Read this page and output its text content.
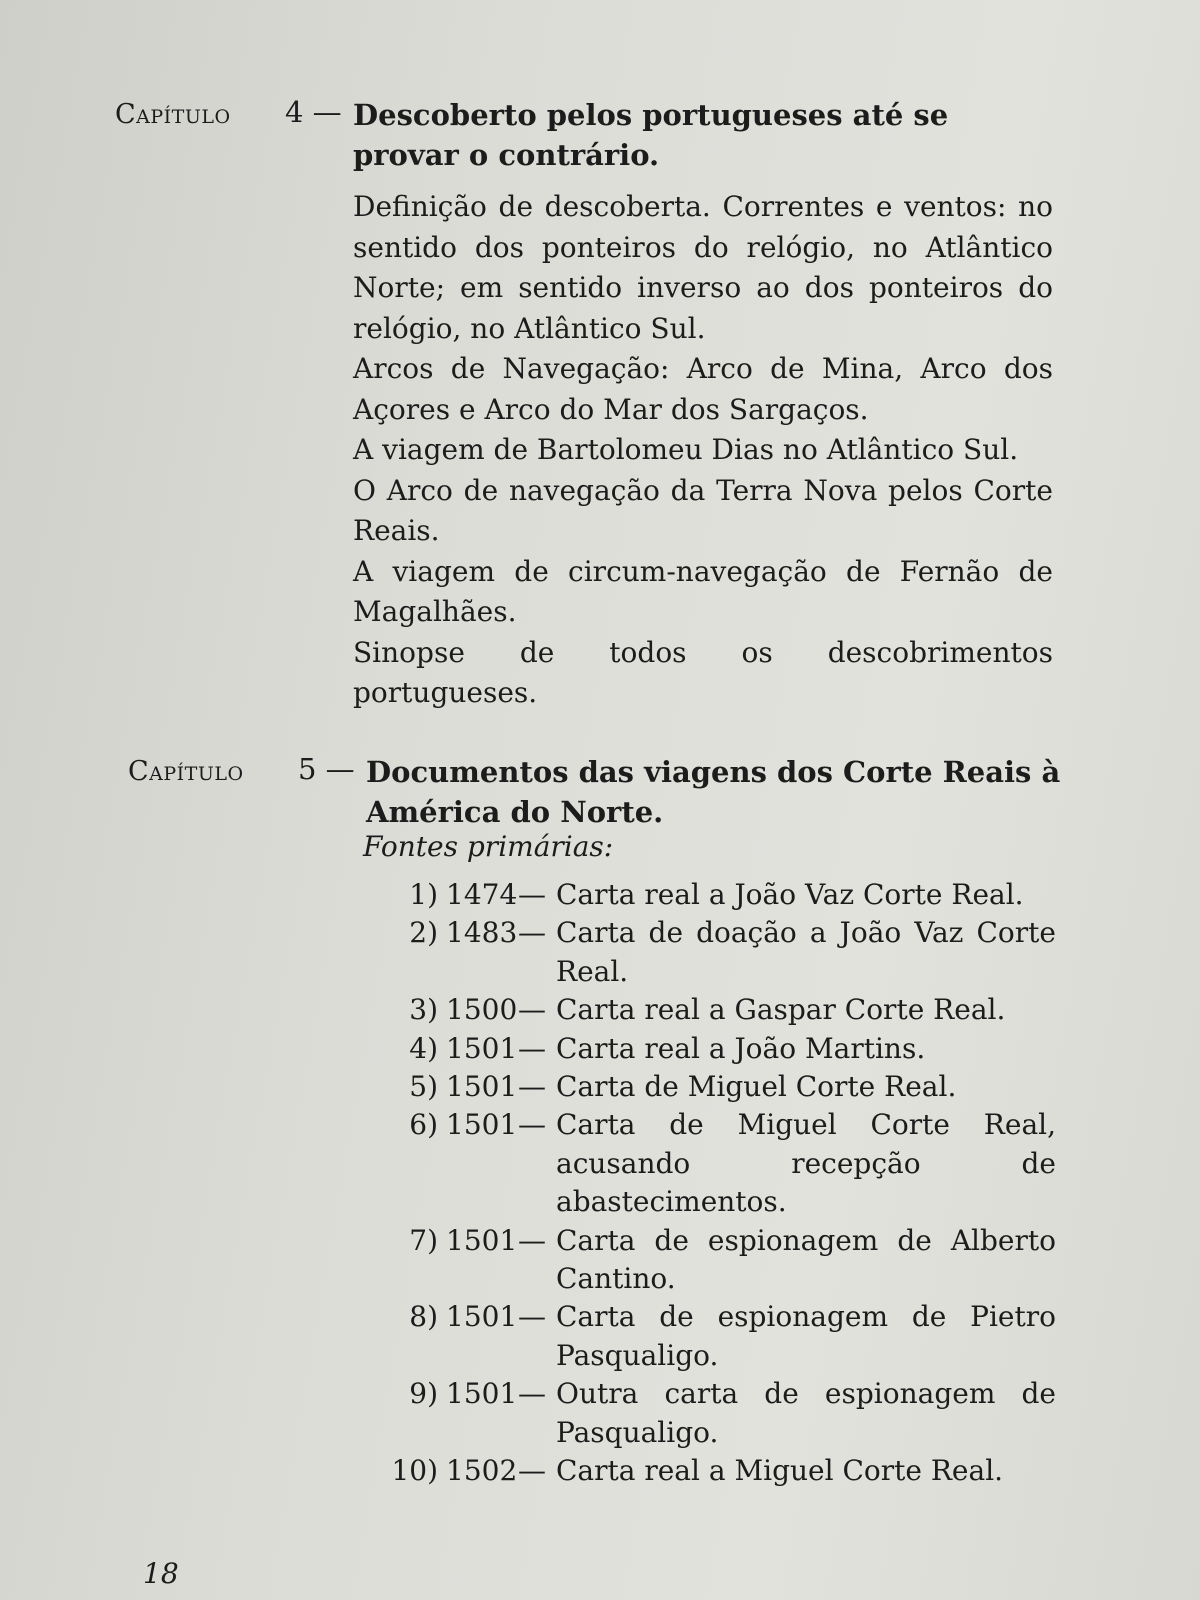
Capítulo 4 — Descoberto pelos portugueses até se provar o contrário.

Definição de descoberta. Correntes e ventos: no sentido dos ponteiros do relógio, no Atlântico Norte; em sentido inverso ao dos ponteiros do relógio, no Atlântico Sul.

Arcos de Navegação: Arco de Mina, Arco dos Açores e Arco do Mar dos Sargaços.

A viagem de Bartolomeu Dias no Atlântico Sul.

O Arco de navegação da Terra Nova pelos Corte Reais.

A viagem de circum-navegação de Fernão de Magalhães.

Sinopse de todos os descobrimentos portugueses.

Capítulo 5 — Documentos das viagens dos Corte Reais à América do Norte.
Fontes primárias:
1) 1474 — Carta real a João Vaz Corte Real.
2) 1483 — Carta de doação a João Vaz Corte Real.
3) 1500 — Carta real a Gaspar Corte Real.
4) 1501 — Carta real a João Martins.
5) 1501 — Carta de Miguel Corte Real.
6) 1501 — Carta de Miguel Corte Real, acusando recepção de abastecimentos.
7) 1501 — Carta de espionagem de Alberto Cantino.
8) 1501 — Carta de espionagem de Pietro Pasqualigo.
9) 1501 — Outra carta de espionagem de Pasqualigo.
10) 1502 — Carta real a Miguel Corte Real.
18
